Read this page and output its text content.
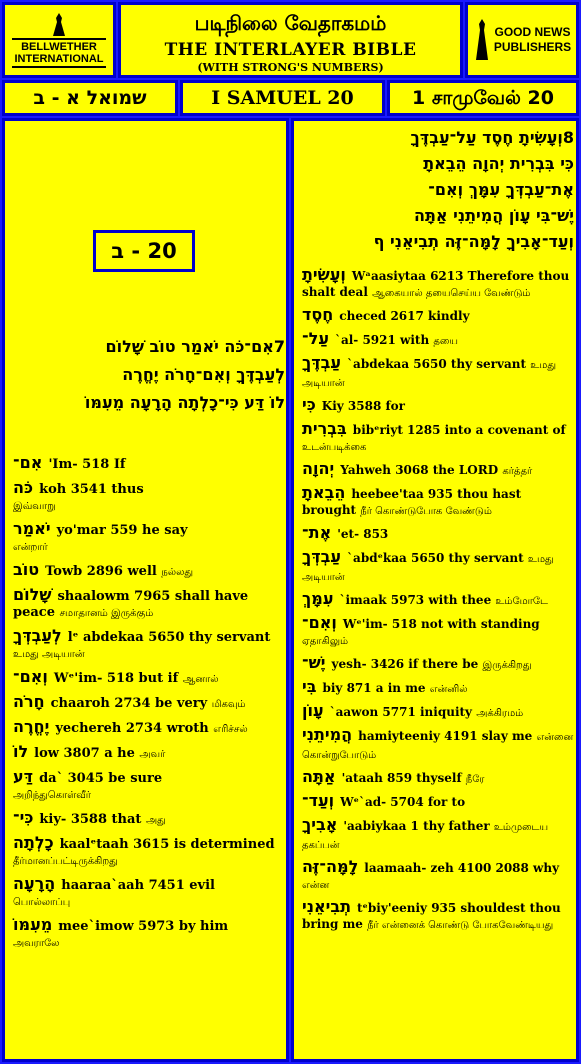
BELLWETHER
INTERNATIONAL
படிநிலை வேதாகமம்
THE INTERLAYER BIBLE
(WITH STRONG'S NUMBERS)
GOOD NEWS
PUBLISHERS
שמואל א - ב	I SAMUEL 20	1 சாமுவேல் 20
20 - ב
7אִם־כֹּה יֹאמַר טוֹב שָׁלוֹם
לְעַבְדֶּךָ וְאִם־חָרֹה יֶחֱרֶה
לוֹ דַּע כִּי־כָלְתָה הָרָעָה מֵעִמּוֹ
אִם־ 'Im- 518 If
כֹּה koh 3541 thus
இவ்வாறு
יֹאמַר yo'mar 559 he say
என்றார்
טוֹב Towb 2896 well நல்லது
שָׁלוֹם shaalowm 7965 shall have peace சமாதானம் இருக்கும்
לְעַבְדְּךָ lᵉ abdekaa 5650 thy servant
உமது அடியான்
וְאִם־ Wᵉ'im- 518 but if ஆனால்
חָרֹה chaaroh 2734 be very மிகவும்
יֶחֱרֶה yechereh 2734 wroth எரிச்சல்
לוֹ low 3807 a he அவர்
דַּע da` 3045 be sure
அறிந்துகொள்வீர்
כִּי־ kiy- 3588 that அது
כָלְתָה kaalᵉtaah 3615 is determined
தீர்மானப்பட்டிருக்கிறது
הָרָעָה haaraa`aah 7451 evil
பொல்லாப்பு
מֵעִמּוֹ mee`imow 5973 by him
அவராலே
8וְעָשִׂיתָ חֶסֶד עַל־עַבְדֶּךָ
כִּי בִּבְרִית יְהוָה הֵבֵאתָ
אֶת־עַבְדְּךָ עִמָּךְ וְאִם־
יֶשׁ־בִּי עָוֹן הֲמִיתֵנִי אַתָּה
וְעַד־אָבִיךָ לָמָּה־זֶּה תְבִיאֵנִי ף
וְעָשִׂיתָ Wᵃaasiytaa 6213 Therefore thou shalt deal ஆகையால் தயைசெய்ய வேண்டும்
חֶסֶד checed 2617 kindly
עַל־ `al- 5921 with தயை
עַבְדֶּךָ `abdekaa 5650 thy servant உமது அடியான்
כִּי Kiy 3588 for
בִּבְרִית bibᵉriyt 1285 into a covenant of உடன்படிக்கை
יְהוָה Yahweh 3068 the LORD கர்த்தர்
הֵבֵאתָ heebee'taa 935 thou hast brought நீர் கொண்டுபோக வேண்டும்
אֶת־ 'et- 853
עַבְדְּךָ `abdᵉkaa 5650 thy servant உமது அடியான்
עִמָּךְ `imaak 5973 with thee உம்மோடே
וְאִם־ Wᵉ'im- 518 not with standing ஏதாகிலும்
יֶשׁ־ yesh- 3426 if there be இருக்கிறது
בִּי biy 871 a in me என்னில்
עָוֹן `aawon 5771 iniquity அக்கிரமம்
הֲמִיתֵנִי hamiyteeniy 4191 slay me என்னை கொன்றுபோடும்
אַתָּה 'ataah 859 thyself நீரே
וְעַד־ Wᵉ`ad- 5704 for to
אָבִיךָ 'aabiykaa 1 thy father உம்முடைய தகப்பன்
לָמָּה־זֶּה laamaah- zeh 4100 2088 why என்ன
תְבִיאֵנִי tᵉbiy'eeniy 935 shouldest thou bring me நீர் என்னைக் கொண்டு போகவேண்டியது
